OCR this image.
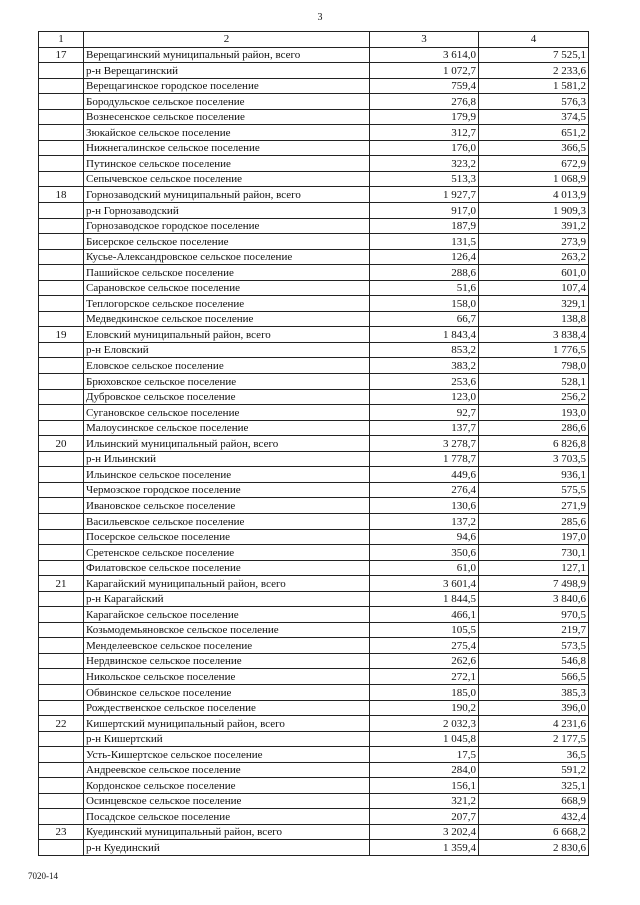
3
1	2	3	4
17	Верещагинский муниципальный район, всего	3 614,0	7 525,1
	р-н Верещагинский	1 072,7	2 233,6
	Верещагинское городское поселение	759,4	1 581,2
	Бородульское сельское поселение	276,8	576,3
	Вознесенское сельское поселение	179,9	374,5
	Зюкайское сельское поселение	312,7	651,2
	Нижнегалинское сельское поселение	176,0	366,5
	Путинское сельское поселение	323,2	672,9
	Сепычевское сельское поселение	513,3	1 068,9
18	Горнозаводский муниципальный район, всего	1 927,7	4 013,9
	р-н Горнозаводский	917,0	1 909,3
	Горнозаводское городское поселение	187,9	391,2
	Бисерское сельское поселение	131,5	273,9
	Кусье-Александровское сельское поселение	126,4	263,2
	Пашийское сельское поселение	288,6	601,0
	Сарановское сельское поселение	51,6	107,4
	Теплогорское сельское поселение	158,0	329,1
	Медведкинское сельское поселение	66,7	138,8
19	Еловский муниципальный район, всего	1 843,4	3 838,4
	р-н Еловский	853,2	1 776,5
	Еловское сельское поселение	383,2	798,0
	Брюховское сельское поселение	253,6	528,1
	Дубровское сельское поселение	123,0	256,2
	Сугановское сельское поселение	92,7	193,0
	Малоусинское сельское поселение	137,7	286,6
20	Ильинский муниципальный район, всего	3 278,7	6 826,8
	р-н Ильинский	1 778,7	3 703,5
	Ильинское сельское поселение	449,6	936,1
	Чермозское городское поселение	276,4	575,5
	Ивановское сельское поселение	130,6	271,9
	Васильевское сельское поселение	137,2	285,6
	Посерское сельское поселение	94,6	197,0
	Сретенское сельское поселение	350,6	730,1
	Филатовское сельское поселение	61,0	127,1
21	Карагайский муниципальный район, всего	3 601,4	7 498,9
	р-н Карагайский	1 844,5	3 840,6
	Карагайское сельское поселение	466,1	970,5
	Козьмодемьяновское сельское поселение	105,5	219,7
	Менделеевское сельское поселение	275,4	573,5
	Нердвинское сельское поселение	262,6	546,8
	Никольское сельское поселение	272,1	566,5
	Обвинское сельское поселение	185,0	385,3
	Рождественское сельское поселение	190,2	396,0
22	Кишертский муниципальный район, всего	2 032,3	4 231,6
	р-н Кишертский	1 045,8	2 177,5
	Усть-Кишертское сельское поселение	17,5	36,5
	Андреевское сельское поселение	284,0	591,2
	Кордонское сельское поселение	156,1	325,1
	Осинцевское сельское поселение	321,2	668,9
	Посадское сельское поселение	207,7	432,4
23	Куединский муниципальный район, всего	3 202,4	6 668,2
	р-н Куединский	1 359,4	2 830,6
7020-14
